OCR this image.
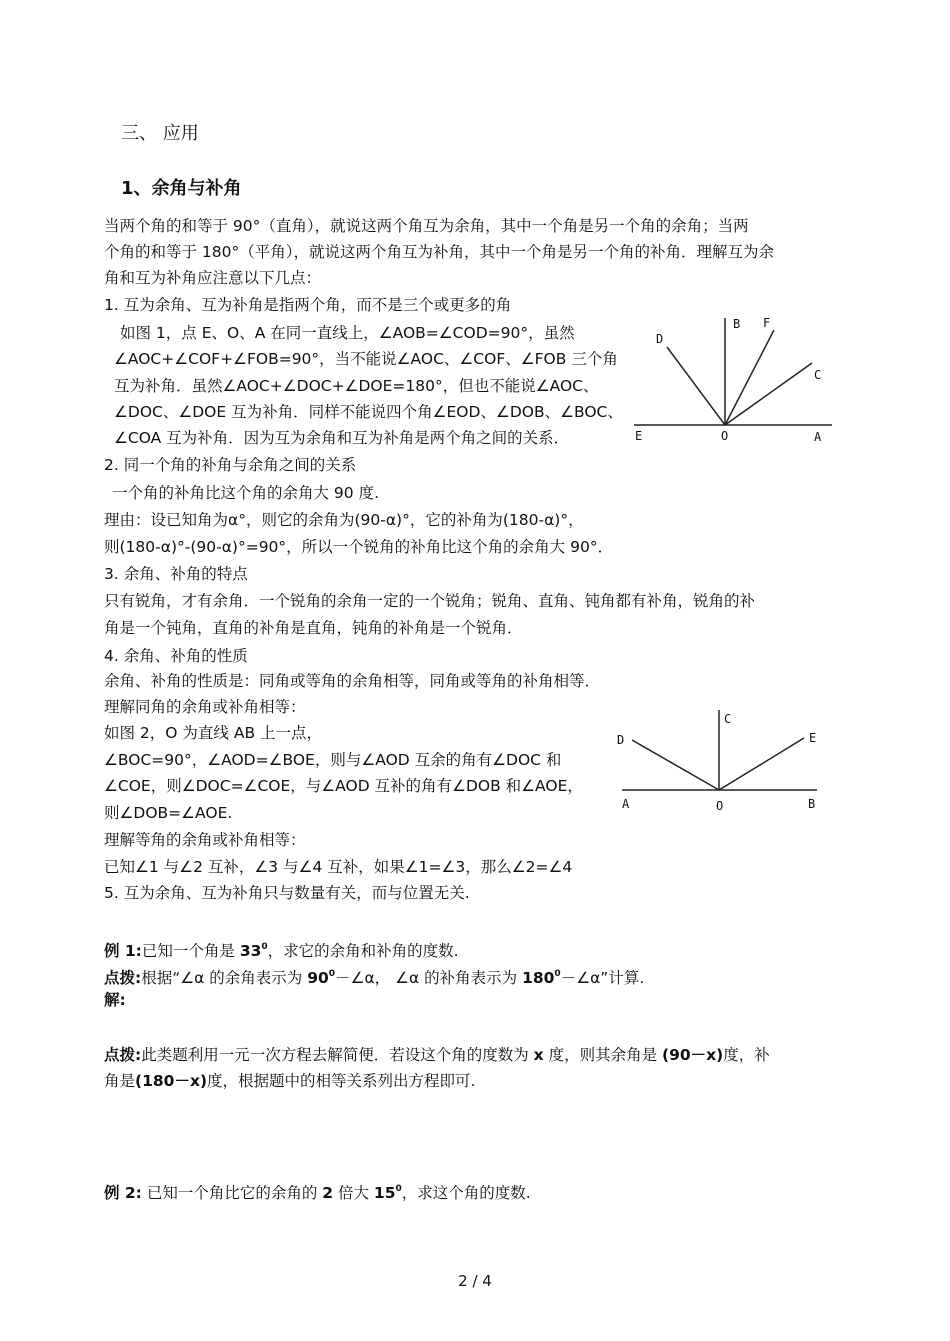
三、 应用
1、余角与补角
当两个角的和等于 90°（直角），就说这两个角互为余角，其中一个角是另一个角的余角；当两
个角的和等于 180°（平角），就说这两个角互为补角，其中一个角是另一个角的补角．理解互为余
角和互为补角应注意以下几点：
1. 互为余角、互为补角是指两个角，而不是三个或更多的角
如图 1，点 E、O、A 在同一直线上，∠AOB=∠COD=90°，虽然
∠AOC+∠COF+∠FOB=90°，当不能说∠AOC、∠COF、∠FOB 三个角
互为补角．虽然∠AOC+∠DOC+∠DOE=180°，但也不能说∠AOC、
∠DOC、∠DOE 互为补角．同样不能说四个角∠EOD、∠DOB、∠BOC、
∠COA 互为补角．因为互为余角和互为补角是两个角之间的关系．
D
B F
C
E	O	A
2. 同一个角的补角与余角之间的关系
一个角的补角比这个角的余角大 90 度.
理由：设已知角为α°，则它的余角为(90-α)°，它的补角为(180-α)°，
则(180-α)°-(90-α)°=90°，所以一个锐角的补角比这个角的余角大 90°．
3. 余角、补角的特点
只有锐角，才有余角．一个锐角的余角一定的一个锐角；锐角、直角、钝角都有补角，锐角的补
角是一个钝角，直角的补角是直角，钝角的补角是一个锐角．
4. 余角、补角的性质
余角、补角的性质是：同角或等角的余角相等，同角或等角的补角相等．
理解同角的余角或补角相等：
如图 2，O 为直线 AB 上一点，
∠BOC=90°，∠AOD=∠BOE，则与∠AOD 互余的角有∠DOC 和
∠COE，则∠DOC=∠COE，与∠AOD 互补的角有∠DOB 和∠AOE，
则∠DOB=∠AOE.
理解等角的余角或补角相等：
已知∠1 与∠2 互补，∠3 与∠4 互补，如果∠1=∠3，那么∠2=∠4
D
C
E
A	O	B
5. 互为余角、互为补角只与数量有关，而与位置无关.
例 1:已知一个角是 $33^0$，求它的余角和补角的度数.
点拨:根据“∠α 的余角表示为 $90^0-\angle\alpha$， ∠α 的补角表示为 $180^0-\angle\alpha$”计算.
解:
点拨:此类题利用一元一次方程去解简便．若设这个角的度数为 x 度，则其余角是 (90－x)度，补
角是(180－x)度，根据题中的相等关系列出方程即可.
例 2: 已知一个角比它的余角的 2 倍大 $15^0$，求这个角的度数.
2 / 4
